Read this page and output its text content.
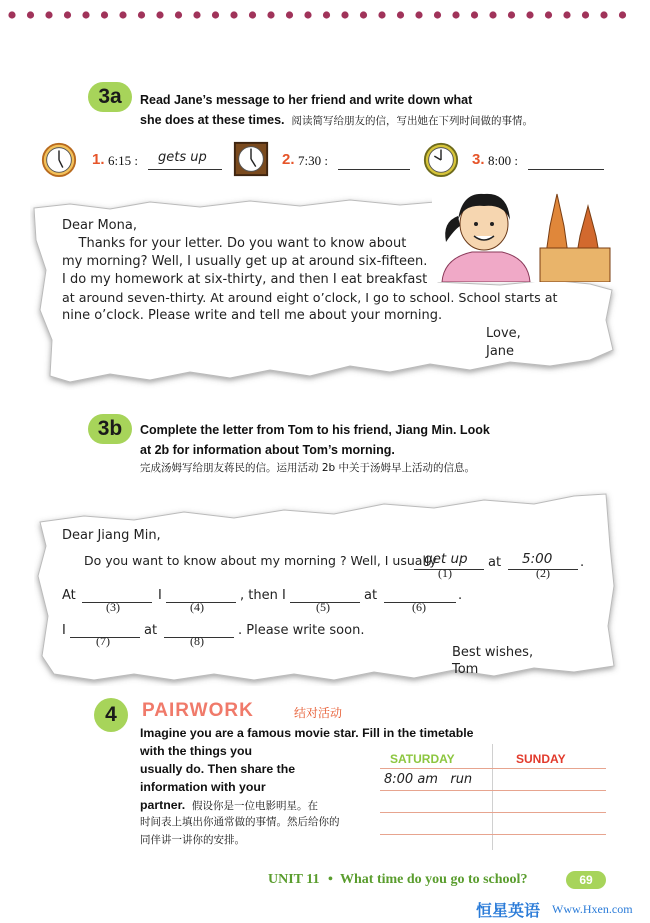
3a	Read Jane’s message to her friend and write down what
she does at these times. 阅读简写给朋友的信，写出她在下列时间做的事情。
1. 6:15 : gets up	2. 7:30 :	3. 8:00 :
Dear Mona,
Thanks for your letter. Do you want to know about
my morning? Well, I usually get up at around six-fifteen.
I do my homework at six-thirty, and then I eat breakfast
at around seven-thirty. At around eight o’clock, I go to school. School starts at
nine o’clock. Please write and tell me about your morning.
Love,
Jane
3b	Complete the letter from Tom to his friend, Jiang Min. Look
at 2b for information about Tom’s morning.
完成汤姆写给朋友蒋民的信。运用活动 2b 中关于汤姆早上活动的信息。
Dear Jiang Min,
Do you want to know about my morning ? Well, I usually
get up
(1)
at 5:00
(2)
.
At
(3)
I
(4)
, then I
(5)
at
(6)
.
I
(7)
at
(8)
. Please write soon.
Best wishes,
Tom
4	PAIRWORK	结对活动
Imagine you are a famous movie star. Fill in the timetable
with the things you
usually do. Then share the
information with your
partner. 假设你是一位电影明星。在
时间表上填出你通常做的事情。然后给你的
同伴讲一讲你的安排。
SATURDAY	SUNDAY
8:00 am   run
UNIT 11 • What time do you go to school?	69
恒星英语 Www.Hxen.com
